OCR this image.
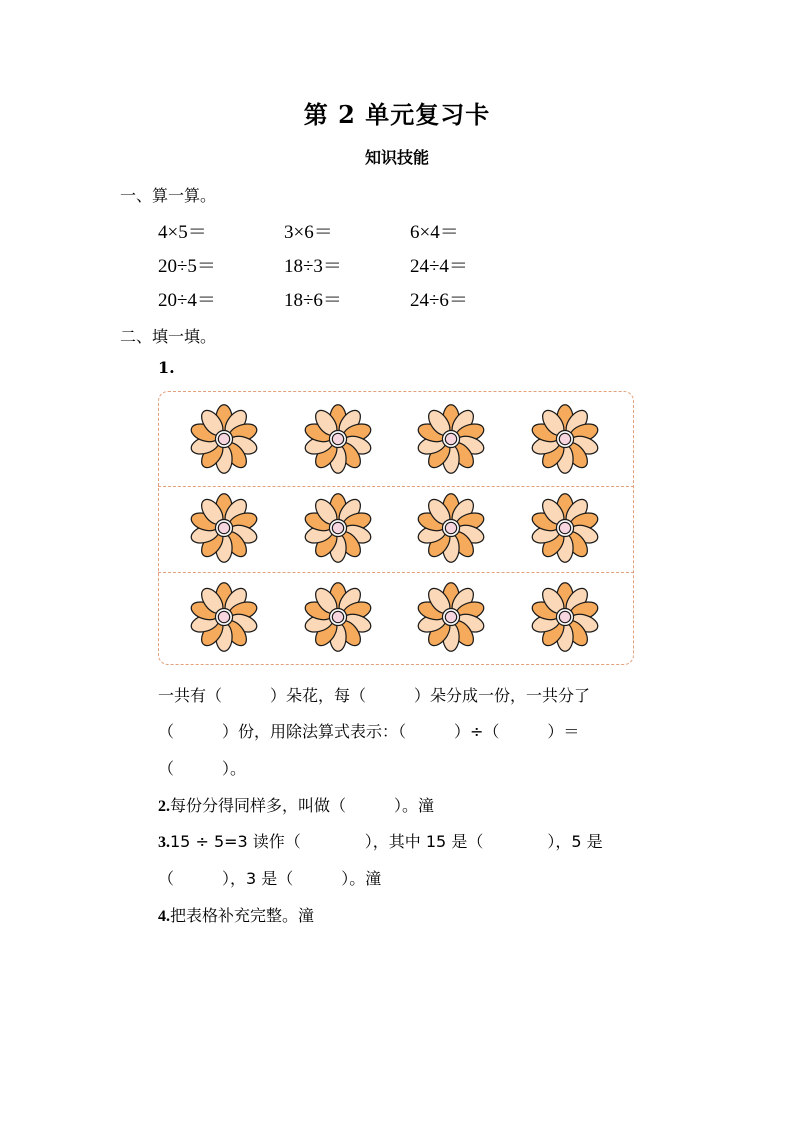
第 2 单元复习卡
知识技能
一、算一算。
4×5＝	3×6＝	6×4＝
20÷5＝	18÷3＝	24÷4＝
20÷4＝	18÷6＝	24÷6＝
二、填一填。
1.
一共有（　　　）朵花，每（　　　）朵分成一份，一共分了
（　　　）份，用除法算式表示：（　　　）÷（　　　）＝
（　　　）。
2.每份分得同样多，叫做（　　　）。潼
3.15 ÷ 5=3 读作（　　　　），其中 15 是（　　　　），5 是
（　　　），3 是（　　　）。潼
4.把表格补充完整。潼
